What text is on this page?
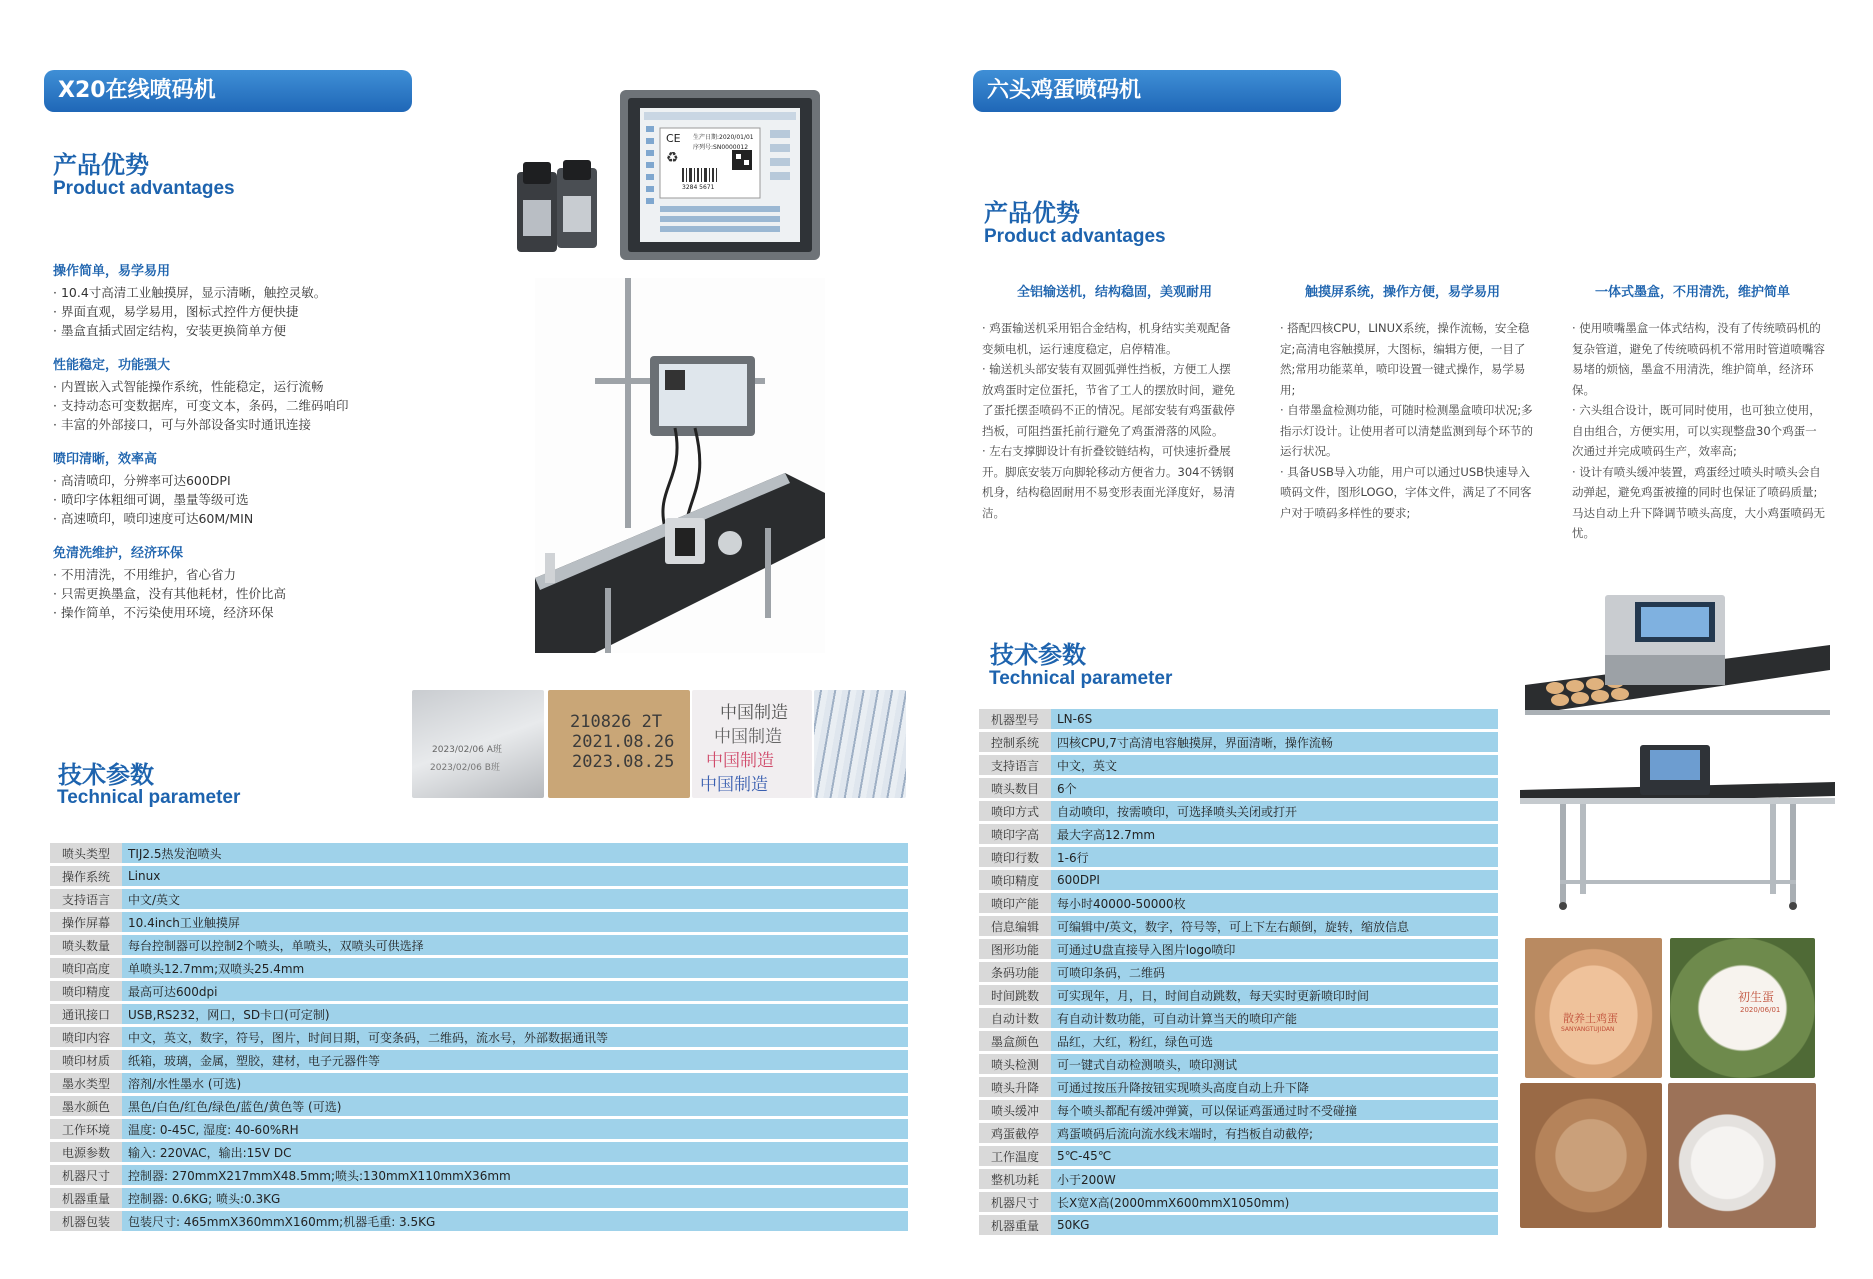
X20在线喷码机
产品优势
Product advantages
操作简单，易学易用
· 10.4寸高清工业触摸屏，显示清晰，触控灵敏。
· 界面直观，易学易用，图标式控件方便快捷
· 墨盒直插式固定结构，安装更换简单方便
性能稳定，功能强大
· 内置嵌入式智能操作系统，性能稳定，运行流畅
· 支持动态可变数据库，可变文本，条码，二维码咱印
· 丰富的外部接口，可与外部设备实时通讯连接
喷印清晰，效率高
· 高清喷印，分辨率可达600DPI
· 喷印字体粗细可调，墨量等级可选
· 高速喷印，喷印速度可达60M/MIN
免清洗维护，经济环保
· 不用清洗，不用维护，省心省力
· 只需更换墨盒，没有其他耗材，性价比高
· 操作简单，不污染使用环境，经济环保
CE
♻
生产日期:2020/01/01
序列号:SN0000012
3284 5671
2023/02/06 A班
2023/02/06 B班
210826 2T
2021.08.26
2023.08.25
中国制造
中国制造
中国制造
中国制造
技术参数
Technical parameter
喷头类型	TIJ2.5热发泡喷头
操作系统	Linux
支持语言	中文/英文
操作屏幕	10.4inch工业触摸屏
喷头数量	每台控制器可以控制2个喷头，单喷头，双喷头可供选择
喷印高度	单喷头12.7mm;双喷头25.4mm
喷印精度	最高可达600dpi
通讯接口	USB,RS232，网口，SD卡口(可定制)
喷印内容	中文，英文，数字，符号，图片，时间日期，可变条码，二维码，流水号，外部数据通讯等
喷印材质	纸箱，玻璃，金属，塑胶，建材，电子元器件等
墨水类型	溶剂/水性墨水 (可选)
墨水颜色	黑色/白色/红色/绿色/蓝色/黄色等 (可选)
工作环境	温度: 0-45C, 湿度: 40-60%RH
电源参数	输入: 220VAC，输出:15V DC
机器尺寸	控制器: 270mmX217mmX48.5mm;喷头:130mmX110mmX36mm
机器重量	控制器: 0.6KG; 喷头:0.3KG
机器包装	包装尺寸: 465mmX360mmX160mm;机器毛重: 3.5KG
六头鸡蛋喷码机
产品优势
Product advantages
全铝输送机，结构稳固，美观耐用	触摸屏系统，操作方便，易学易用	一体式墨盒，不用清洗，维护简单

· 鸡蛋输送机采用铝合金结构，机身结实美观配备变频电机，运行速度稳定，启停精准。

· 输送机头部安装有双圆弧弹性挡板，方便工人摆放鸡蛋时定位蛋托，节省了工人的摆放时间，避免了蛋托摆歪喷码不正的情况。尾部安装有鸡蛋截停挡板，可阻挡蛋托前行避免了鸡蛋滑落的风险。

· 左右支撑脚设计有折叠铰链结构，可快速折叠展开。脚底安装万向脚轮移动方便省力。304不锈钢机身，结构稳固耐用不易变形表面光泽度好，易清洁。

· 搭配四核CPU，LINUX系统，操作流畅，安全稳定;高清电容触摸屏，大图标，编辑方便，一目了然;常用功能菜单，喷印设置一键式操作，易学易用;

· 自带墨盒检测功能，可随时检测墨盒喷印状况;多指示灯设计。让使用者可以清楚监测到每个环节的运行状况。

· 具备USB导入功能，用户可以通过USB快速导入喷码文件，图形LOGO，字体文件，满足了不同客户对于喷码多样性的要求;

· 使用喷嘴墨盒一体式结构，没有了传统喷码机的复杂管道，避免了传统喷码机不常用时管道喷嘴容易堵的烦恼，墨盒不用清洗，维护简单，经济环保。

· 六头组合设计，既可同时使用，也可独立使用，自由组合，方便实用，可以实现整盘30个鸡蛋一次通过并完成喷码生产，效率高;

· 设计有喷头缓冲装置，鸡蛋经过喷头时喷头会自动弹起，避免鸡蛋被撞的同时也保证了喷码质量;马达自动上升下降调节喷头高度，大小鸡蛋喷码无忧。

技术参数
Technical parameter
机器型号	LN-6S
控制系统	四核CPU,7寸高清电容触摸屏，界面清晰，操作流畅
支持语言	中文，英文
喷头数目	6个
喷印方式	自动喷印，按需喷印，可选择喷头关闭或打开
喷印字高	最大字高12.7mm
喷印行数	1-6行
喷印精度	600DPI
喷印产能	每小时40000-50000枚
信息编辑	可编辑中/英文，数字，符号等，可上下左右颠倒，旋转，缩放信息
图形功能	可通过U盘直接导入图片logo喷印
条码功能	可喷印条码，二维码
时间跳数	可实现年，月，日，时间自动跳数，每天实时更新喷印时间
自动计数	有自动计数功能，可自动计算当天的喷印产能
墨盒颜色	品红，大红，粉红，绿色可选
喷头检测	可一键式自动检测喷头，喷印测试
喷头升降	可通过按压升降按钮实现喷头高度自动上升下降
喷头缓冲	每个喷头都配有缓冲弹簧，可以保证鸡蛋通过时不受碰撞
鸡蛋截停	鸡蛋喷码后流向流水线末端时，有挡板自动截停;
工作温度	5℃-45℃
整机功耗	小于200W
机器尺寸	长X宽X高(2000mmX600mmX1050mm)
机器重量	50KG
散养土鸡蛋
SANYANGTUJIDAN
初生蛋
2020/06/01
